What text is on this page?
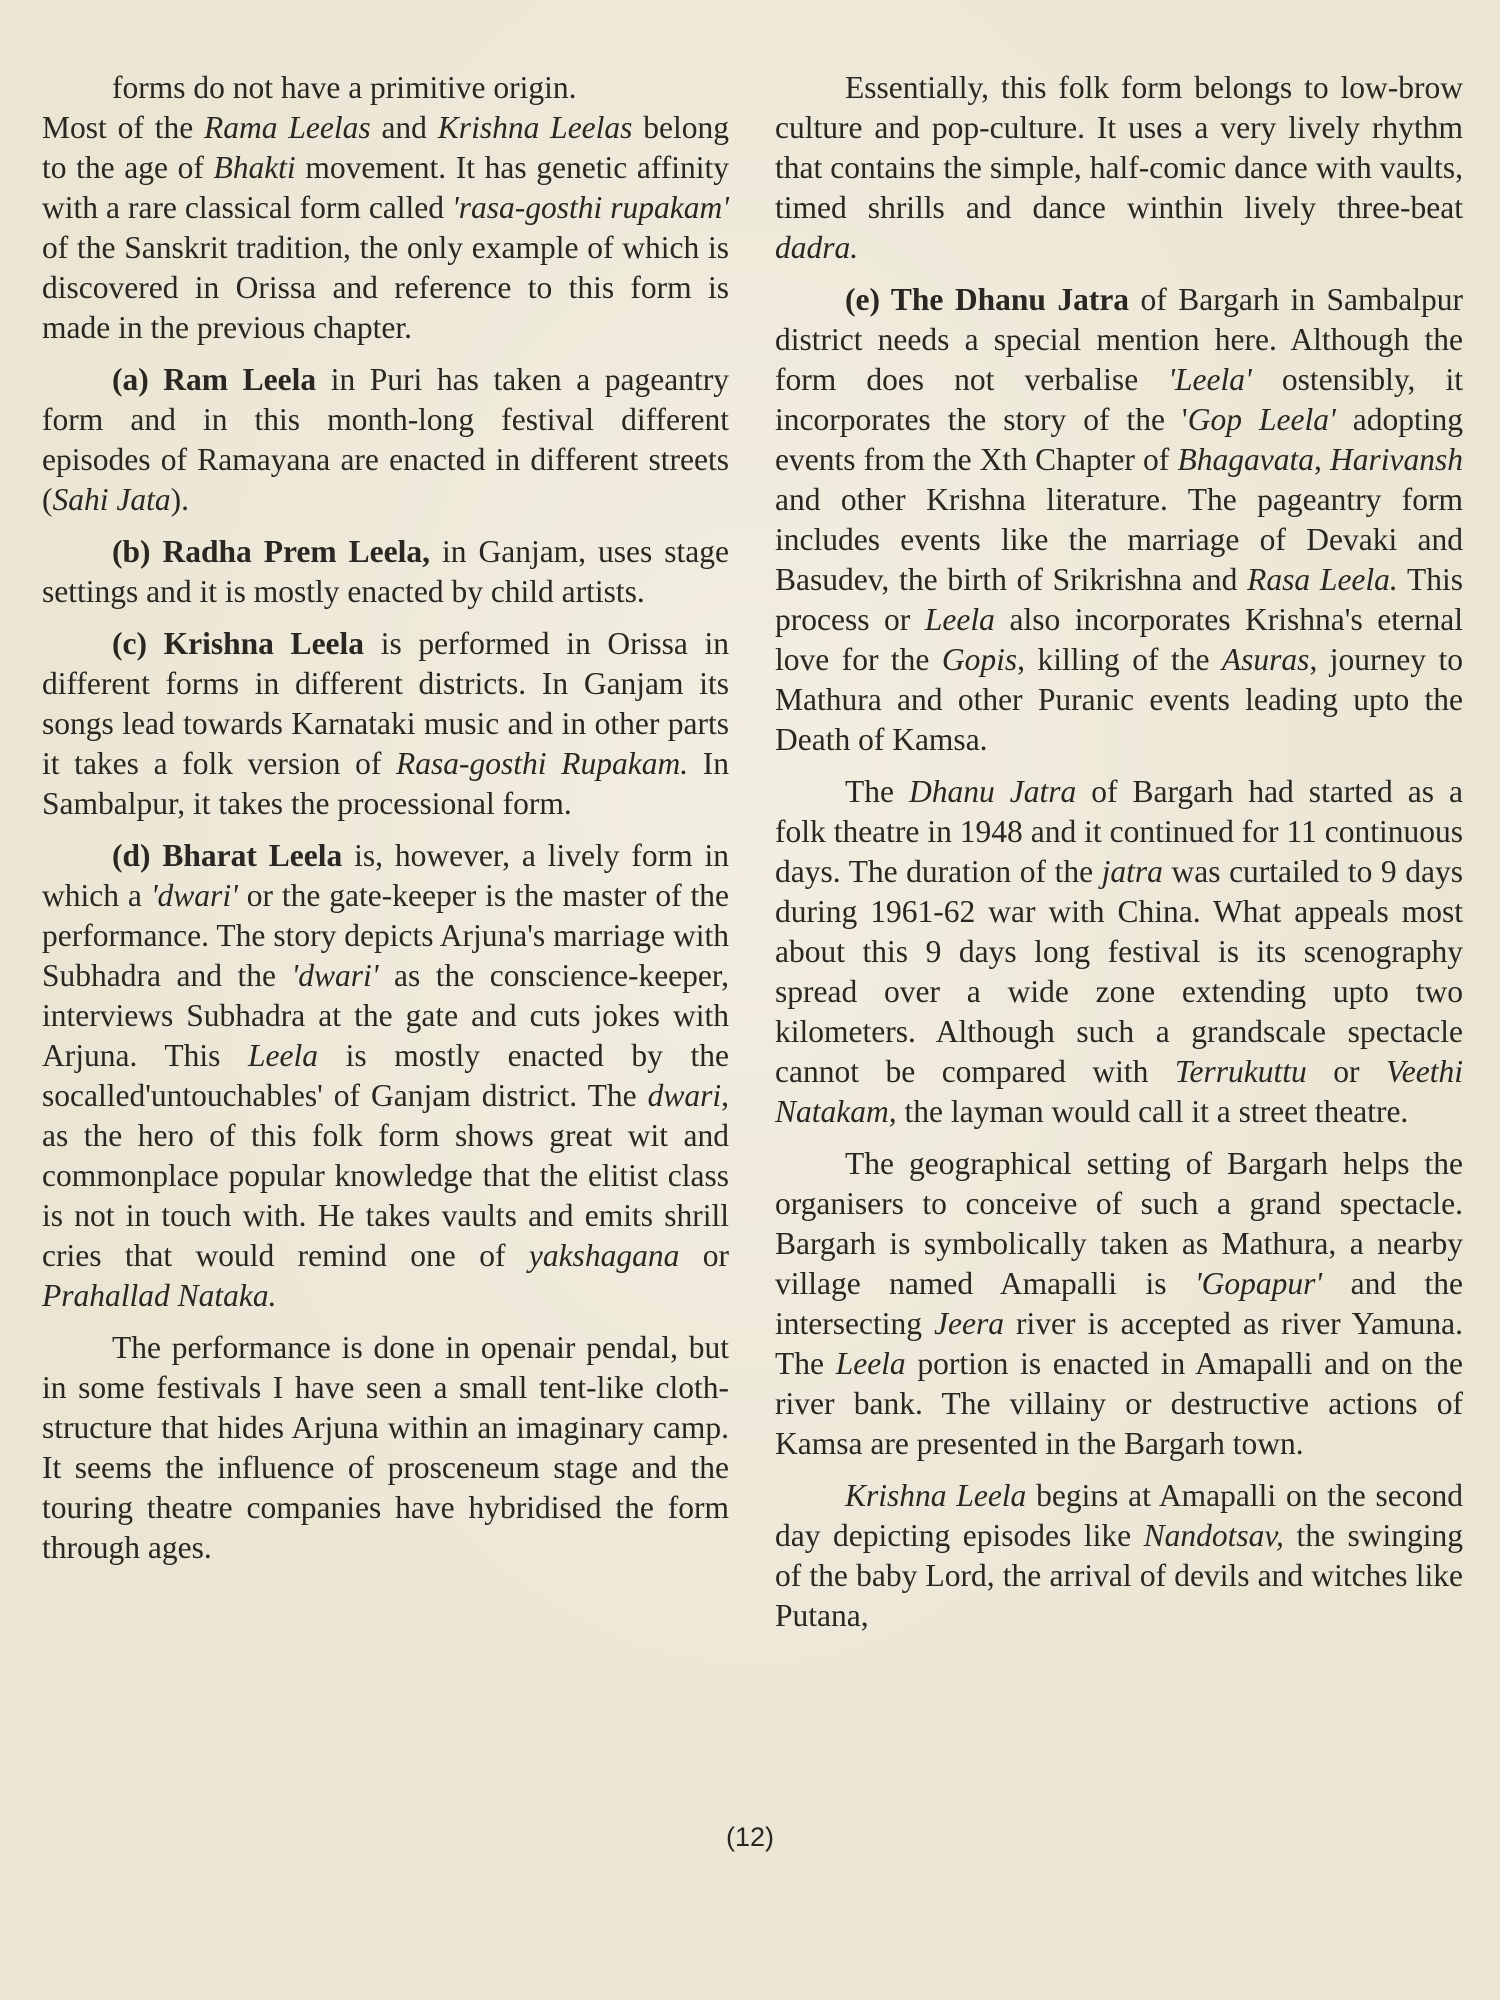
forms do not have a primitive origin.
Most of the Rama Leelas and Krishna Leelas belong to the age of Bhakti movement. It has genetic affinity with a rare classical form called 'rasa-gosthi rupakam' of the Sanskrit tradition, the only example of which is discovered in Orissa and reference to this form is made in the previous chapter.

(a) Ram Leela in Puri has taken a pageantry form and in this month-long festival different episodes of Ramayana are enacted in different streets (Sahi Jata).

(b) Radha Prem Leela, in Ganjam, uses stage settings and it is mostly enacted by child artists.

(c) Krishna Leela is performed in Orissa in different forms in different districts. In Ganjam its songs lead towards Karnataki music and in other parts it takes a folk version of Rasa-gosthi Rupakam. In Sambalpur, it takes the processional form.

(d) Bharat Leela is, however, a lively form in which a 'dwari' or the gate-keeper is the master of the performance. The story depicts Arjuna's marriage with Subhadra and the 'dwari' as the conscience-keeper, interviews Subhadra at the gate and cuts jokes with Arjuna. This Leela is mostly enacted by the socalled'untouchables' of Ganjam district. The dwari, as the hero of this folk form shows great wit and commonplace popular knowledge that the elitist class is not in touch with. He takes vaults and emits shrill cries that would remind one of yakshagana or Prahallad Nataka.

The performance is done in openair pendal, but in some festivals I have seen a small tent-like cloth-structure that hides Arjuna within an imaginary camp. It seems the influence of prosceneum stage and the touring theatre companies have hybridised the form through ages.

Essentially, this folk form belongs to low-brow culture and pop-culture. It uses a very lively rhythm that contains the simple, half-comic dance with vaults, timed shrills and dance winthin lively three-beat dadra.

(e) The Dhanu Jatra of Bargarh in Sambalpur district needs a special mention here. Although the form does not verbalise 'Leela' ostensibly, it incorporates the story of the 'Gop Leela' adopting events from the Xth Chapter of Bhagavata, Harivansh and other Krishna literature. The pageantry form includes events like the marriage of Devaki and Basudev, the birth of Srikrishna and Rasa Leela. This process or Leela also incorporates Krishna's eternal love for the Gopis, killing of the Asuras, journey to Mathura and other Puranic events leading upto the Death of Kamsa.

The Dhanu Jatra of Bargarh had started as a folk theatre in 1948 and it continued for 11 continuous days. The duration of the jatra was curtailed to 9 days during 1961-62 war with China. What appeals most about this 9 days long festival is its scenography spread over a wide zone extending upto two kilometers. Although such a grandscale spectacle cannot be compared with Terrukuttu or Veethi Natakam, the layman would call it a street theatre.

The geographical setting of Bargarh helps the organisers to conceive of such a grand spectacle. Bargarh is symbolically taken as Mathura, a nearby village named Amapalli is 'Gopapur' and the intersecting Jeera river is accepted as river Yamuna. The Leela portion is enacted in Amapalli and on the river bank. The villainy or destructive actions of Kamsa are presented in the Bargarh town.

Krishna Leela begins at Amapalli on the second day depicting episodes like Nandotsav, the swinging of the baby Lord, the arrival of devils and witches like Putana,

(12)
